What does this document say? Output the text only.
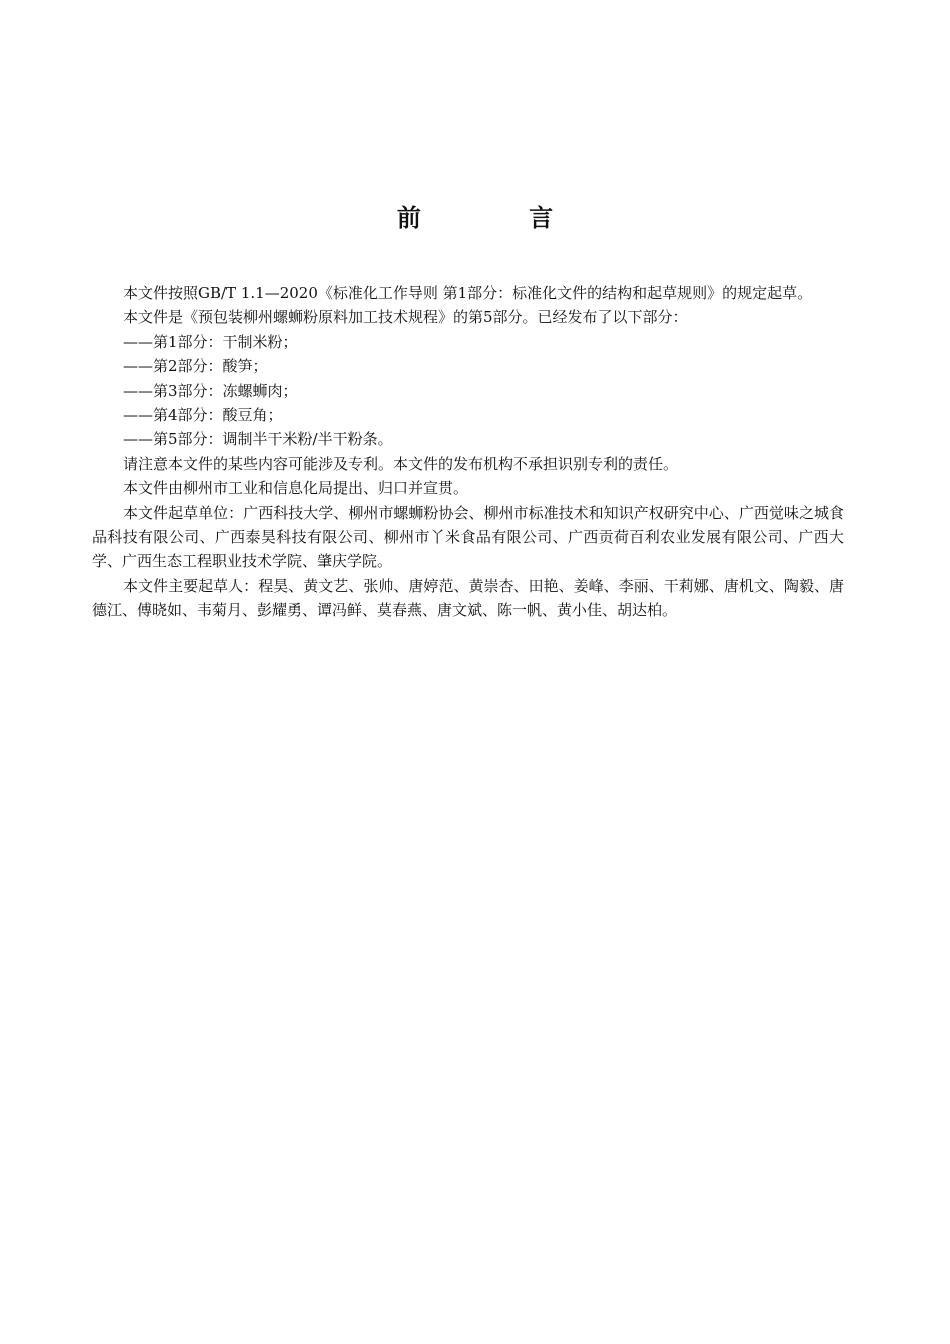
前 言

本文件按照GB/T 1.1—2020《标准化工作导则 第1部分：标准化文件的结构和起草规则》的规定起草。

本文件是《预包装柳州螺蛳粉原料加工技术规程》的第5部分。已经发布了以下部分：

——第1部分：干制米粉；

——第2部分：酸笋；

——第3部分：冻螺蛳肉；

——第4部分：酸豆角；

——第5部分：调制半干米粉/半干粉条。

请注意本文件的某些内容可能涉及专利。本文件的发布机构不承担识别专利的责任。

本文件由柳州市工业和信息化局提出、归口并宣贯。

本文件起草单位：广西科技大学、柳州市螺蛳粉协会、柳州市标准技术和知识产权研究中心、广西觉味之城食品科技有限公司、广西泰昊科技有限公司、柳州市丫米食品有限公司、广西贡荷百利农业发展有限公司、广西大学、广西生态工程职业技术学院、肇庆学院。

本文件主要起草人：程昊、黄文艺、张帅、唐婷范、黄崇杏、田艳、姜峰、李丽、干莉娜、唐机文、陶毅、唐德江、傅晓如、韦菊月、彭耀勇、谭冯鲜、莫春燕、唐文斌、陈一帆、黄小佳、胡达柏。
